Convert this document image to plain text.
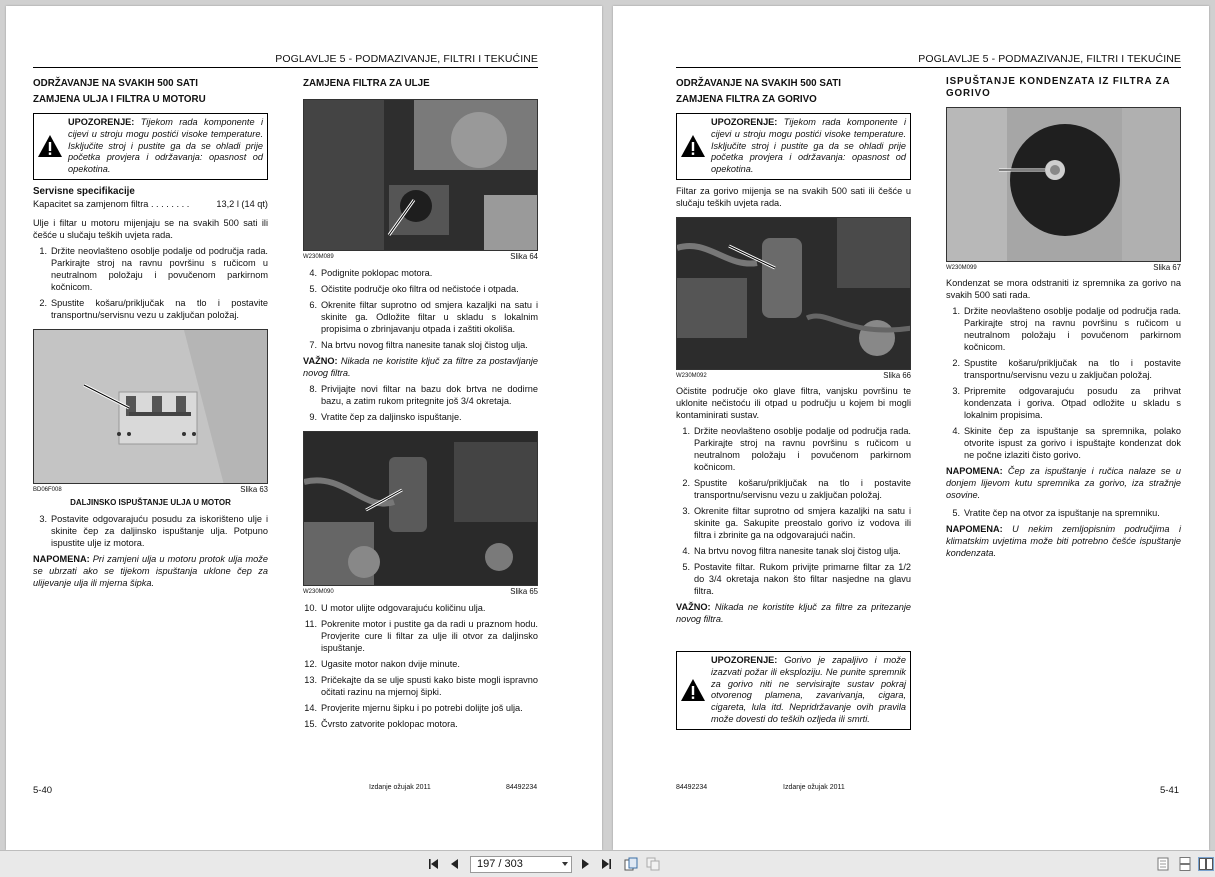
POGLAVLJE 5 - PODMAZIVANJE, FILTRI I TEKUĆINE
ODRŽAVANJE NA SVAKIH 500 SATI
ZAMJENA ULJA I FILTRA U MOTORU
UPOZORENJE: Tijekom rada komponente i cijevi u stroju mogu postići visoke temperature. Isključite stroj i pustite ga da se ohladi prije početka provjera i održavanja: opasnost od opekotina.
Servisne specifikacije
Kapacitet sa zamjenom filtra . . . . . . . .	13,2 l (14 qt)
Ulje i filtar u motoru mijenjaju se na svakih 500 sati ili češće u slučaju teških uvjeta rada.
1. Držite neovlašteno osoblje podalje od područja rada. Parkirajte stroj na ravnu površinu s ručicom u neutralnom položaju i povučenom parkirnom kočnicom.
2. Spustite košaru/priključak na tlo i postavite transportnu/servisnu vezu u zaključan položaj.
BD06F008	Slika 63
DALJINSKO ISPUŠTANJE ULJA U MOTOR
3. Postavite odgovarajuću posudu za iskorišteno ulje i skinite čep za daljinsko ispuštanje ulja. Potpuno ispustite ulje iz motora.
NAPOMENA: Pri zamjeni ulja u motoru protok ulja može se ubrzati ako se tijekom ispuštanja uklone čep za ulijevanje ulja ili mjerna šipka.
ZAMJENA FILTRA ZA ULJE
W230M089	Slika 64
4. Podignite poklopac motora.
5. Očistite područje oko filtra od nečistoće i otpada.
6. Okrenite filtar suprotno od smjera kazaljki na satu i skinite ga. Odložite filtar u skladu s lokalnim propisima o zbrinjavanju otpada i zaštiti okoliša.
7. Na brtvu novog filtra nanesite tanak sloj čistog ulja.
VAŽNO: Nikada ne koristite ključ za filtre za postavljanje novog filtra.
8. Privijajte novi filtar na bazu dok brtva ne dodirne bazu, a zatim rukom pritegnite još 3/4 okretaja.
9. Vratite čep za daljinsko ispuštanje.
W230M090	Slika 65
10. U motor ulijte odgovarajuću količinu ulja.
11. Pokrenite motor i pustite ga da radi u praznom hodu. Provjerite cure li filtar za ulje ili otvor za daljinsko ispuštanje.
12. Ugasite motor nakon dvije minute.
13. Pričekajte da se ulje spusti kako biste mogli ispravno očitati razinu na mjernoj šipki.
14. Provjerite mjernu šipku i po potrebi dolijte još ulja.
15. Čvrsto zatvorite poklopac motora.
5-40	Izdanje ožujak 2011	84492234
POGLAVLJE 5 - PODMAZIVANJE, FILTRI I TEKUĆINE
ODRŽAVANJE NA SVAKIH 500 SATI
ZAMJENA FILTRA ZA GORIVO
UPOZORENJE: Tijekom rada komponente i cijevi u stroju mogu postići visoke temperature. Isključite stroj i pustite ga da se ohladi prije početka provjera i održavanja: opasnost od opekotina.
Filtar za gorivo mijenja se na svakih 500 sati ili češće u slučaju teških uvjeta rada.
W230M092	Slika 66
Očistite područje oko glave filtra, vanjsku površinu te uklonite nečistoću ili otpad u području u kojem bi mogli kontaminirati sustav.
1. Držite neovlašteno osoblje podalje od područja rada. Parkirajte stroj na ravnu površinu s ručicom u neutralnom položaju i povučenom parkirnom kočnicom.
2. Spustite košaru/priključak na tlo i postavite transportnu/servisnu vezu u zaključan položaj.
3. Okrenite filtar suprotno od smjera kazaljki na satu i skinite ga. Sakupite preostalo gorivo iz vodova ili filtra i zbrinite ga na odgovarajući način.
4. Na brtvu novog filtra nanesite tanak sloj čistog ulja.
5. Postavite filtar. Rukom privijte primarne filtar za 1/2 do 3/4 okretaja nakon što filtar nasjedne na glavu filtra.
VAŽNO: Nikada ne koristite ključ za filtre za pritezanje novog filtra.
UPOZORENJE: Gorivo je zapaljivo i može izazvati požar ili eksploziju. Ne punite spremnik za gorivo niti ne servisirajte sustav pokraj otvorenog plamena, zavarivanja, cigara, cigareta, lula itd. Nepridržavanje ovih pravila može dovesti do teških ozljeda ili smrti.
ISPUŠTANJE KONDENZATA IZ FILTRA ZA GORIVO
W230M099	Slika 67
Kondenzat se mora odstraniti iz spremnika za gorivo na svakih 500 sati rada.
1. Držite neovlašteno osoblje podalje od područja rada. Parkirajte stroj na ravnu površinu s ručicom u neutralnom položaju i povučenom parkirnom kočnicom.
2. Spustite košaru/priključak na tlo i postavite transportnu/servisnu vezu u zaključan položaj.
3. Pripremite odgovarajuću posudu za prihvat kondenzata i goriva. Otpad odložite u skladu s lokalnim propisima.
4. Skinite čep za ispuštanje sa spremnika, polako otvorite ispust za gorivo i ispuštajte kondenzat dok ne počne izlaziti čisto gorivo.
NAPOMENA: Čep za ispuštanje i ručica nalaze se u donjem lijevom kutu spremnika za gorivo, iza stražnje osovine.
5. Vratite čep na otvor za ispuštanje na spremniku.
NAPOMENA: U nekim zemljopisnim područjima i klimatskim uvjetima može biti potrebno češće ispuštanje kondenzata.
84492234	Izdanje ožujak 2011	5-41
197 / 303
